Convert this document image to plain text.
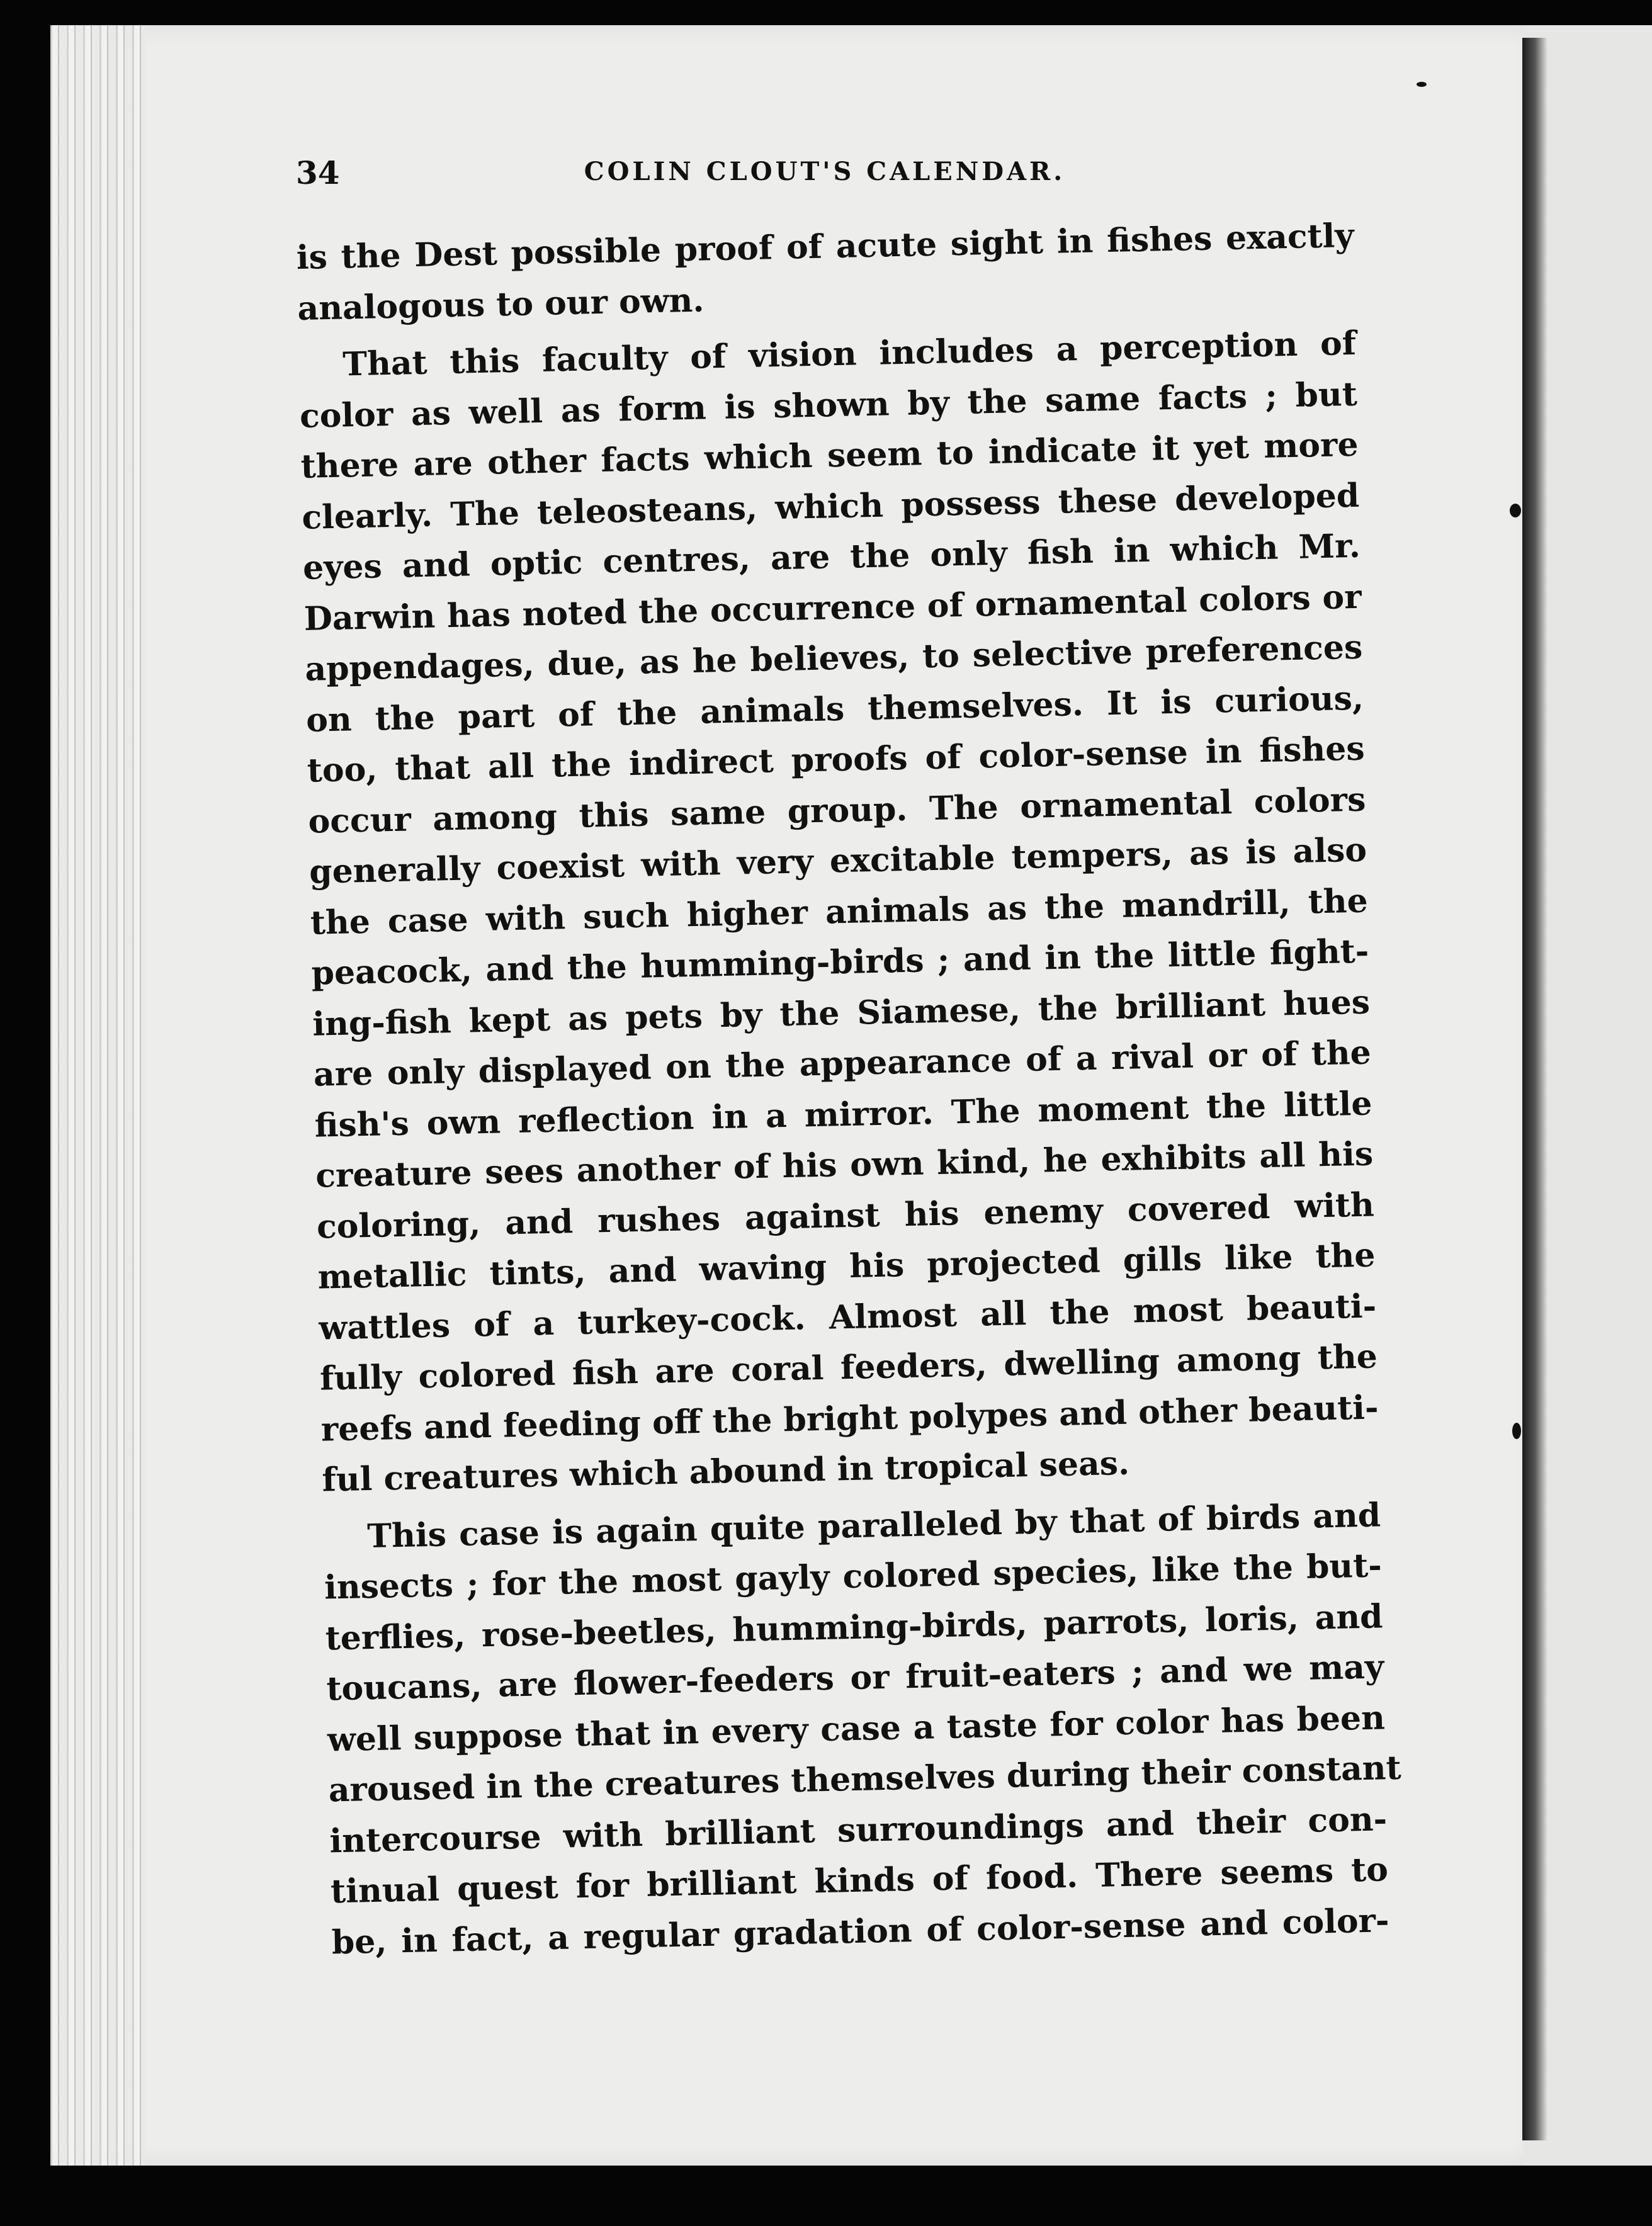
34	COLIN CLOUT'S CALENDAR.
is the Dest possible proof of acute sight in fishes exactly
analogous to our own.
That this faculty of vision includes a perception of
color as well as form is shown by the same facts ; but
there are other facts which seem to indicate it yet more
clearly. The teleosteans, which possess these developed
eyes and optic centres, are the only fish in which Mr.
Darwin has noted the occurrence of ornamental colors or
appendages, due, as he believes, to selective preferences
on the part of the animals themselves. It is curious,
too, that all the indirect proofs of color-sense in fishes
occur among this same group. The ornamental colors
generally coexist with very excitable tempers, as is also
the case with such higher animals as the mandrill, the
peacock, and the humming-birds ; and in the little fight-
ing-fish kept as pets by the Siamese, the brilliant hues
are only displayed on the appearance of a rival or of the
fish's own reflection in a mirror. The moment the little
creature sees another of his own kind, he exhibits all his
coloring, and rushes against his enemy covered with
metallic tints, and waving his projected gills like the
wattles of a turkey-cock. Almost all the most beauti-
fully colored fish are coral feeders, dwelling among the
reefs and feeding off the bright polypes and other beauti-
ful creatures which abound in tropical seas.
This case is again quite paralleled by that of birds and
insects ; for the most gayly colored species, like the but-
terflies, rose-beetles, humming-birds, parrots, loris, and
toucans, are flower-feeders or fruit-eaters ; and we may
well suppose that in every case a taste for color has been
aroused in the creatures themselves during their constant
intercourse with brilliant surroundings and their con-
tinual quest for brilliant kinds of food. There seems to
be, in fact, a regular gradation of color-sense and color-
